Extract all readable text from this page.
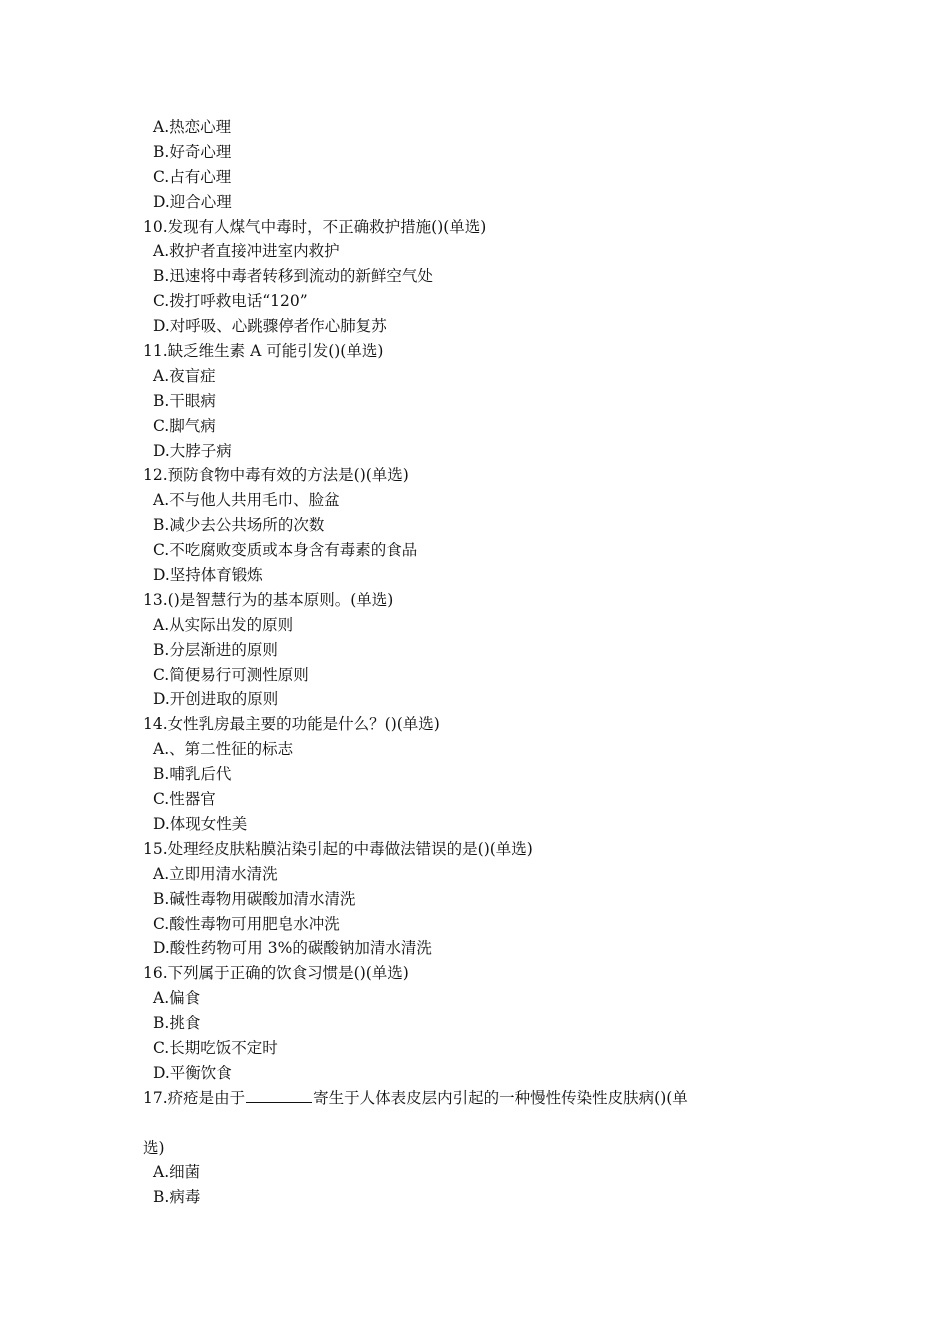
A.热恋心理
B.好奇心理
C.占有心理
D.迎合心理
10.发现有人煤气中毒时，不正确救护措施()(单选)
A.救护者直接冲进室内救护
B.迅速将中毒者转移到流动的新鲜空气处
C.拨打呼救电话“120”
D.对呼吸、心跳骤停者作心肺复苏
11.缺乏维生素 A 可能引发()(单选)
A.夜盲症
B.干眼病
C.脚气病
D.大脖子病
12.预防食物中毒有效的方法是()(单选)
A.不与他人共用毛巾、脸盆
B.减少去公共场所的次数
C.不吃腐败变质或本身含有毒素的食品
D.坚持体育锻炼
13.()是智慧行为的基本原则。(单选)
A.从实际出发的原则
B.分层渐进的原则
C.简便易行可测性原则
D.开创进取的原则
14.女性乳房最主要的功能是什么？()(单选)
A.、第二性征的标志
B.哺乳后代
C.性器官
D.体现女性美
15.处理经皮肤粘膜沾染引起的中毒做法错误的是()(单选)
A.立即用清水清洗
B.碱性毒物用碳酸加清水清洗
C.酸性毒物可用肥皂水冲洗
D.酸性药物可用 3%的碳酸钠加清水清洗
16.下列属于正确的饮食习惯是()(单选)
A.偏食
B.挑食
C.长期吃饭不定时
D.平衡饮食
17.疥疮是由于	寄生于人体表皮层内引起的一种慢性传染性皮肤病()(单
选)
A.细菌
B.病毒
